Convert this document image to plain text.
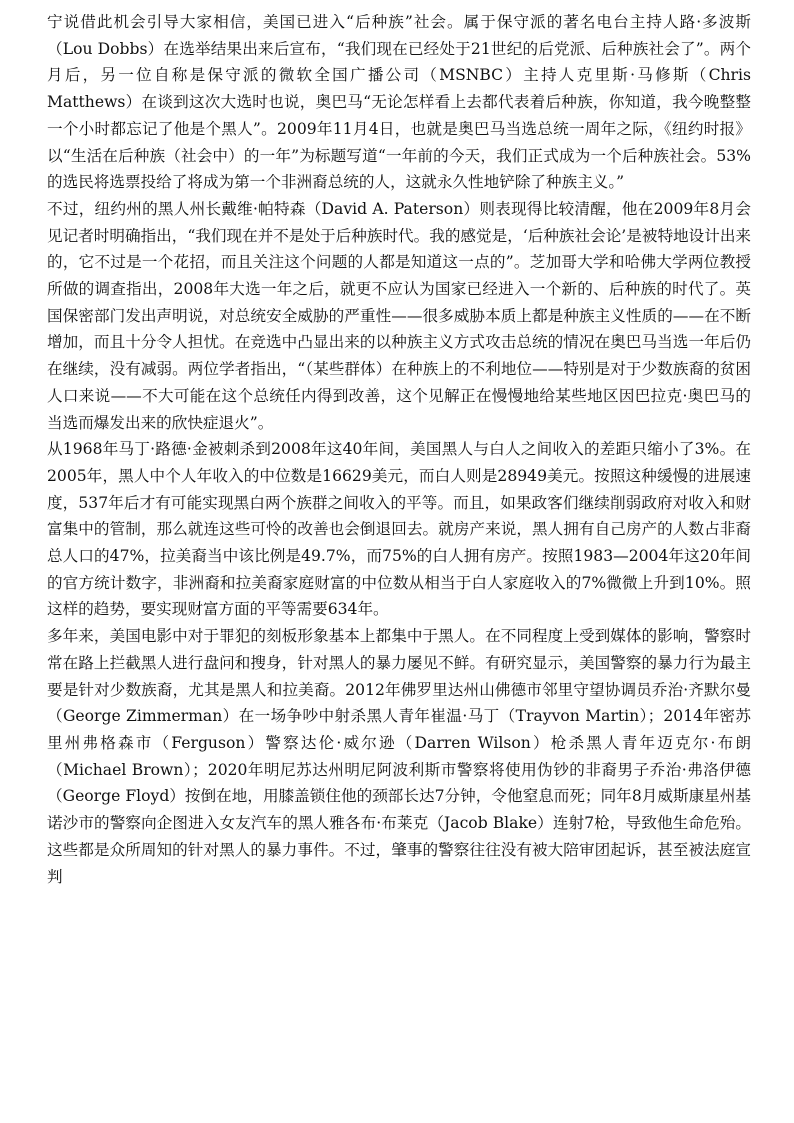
宁说借此机会引导大家相信，美国已进入“后种族”社会。属于保守派的著名电台主持人路·多波斯（Lou Dobbs）在选举结果出来后宣布，“我们现在已经处于21世纪的后党派、后种族社会了”。两个月后，另一位自称是保守派的微软全国广播公司（MSNBC）主持人克里斯·马修斯（Chris Matthews）在谈到这次大选时也说，奥巴马“无论怎样看上去都代表着后种族，你知道，我今晚整整一个小时都忘记了他是个黑人”。2009年11月4日，也就是奥巴马当选总统一周年之际，《纽约时报》以“生活在后种族（社会中）的一年”为标题写道“一年前的今天，我们正式成为一个后种族社会。53%的选民将选票投给了将成为第一个非洲裔总统的人，这就永久性地铲除了种族主义。”

不过，纽约州的黑人州长戴维·帕特森（David A. Paterson）则表现得比较清醒，他在2009年8月会见记者时明确指出，“我们现在并不是处于后种族时代。我的感觉是，‘后种族社会论’是被特地设计出来的，它不过是一个花招，而且关注这个问题的人都是知道这一点的”。芝加哥大学和哈佛大学两位教授所做的调查指出，2008年大选一年之后，就更不应认为国家已经进入一个新的、后种族的时代了。英国保密部门发出声明说，对总统安全威胁的严重性——很多威胁本质上都是种族主义性质的——在不断增加，而且十分令人担忧。在竞选中凸显出来的以种族主义方式攻击总统的情况在奥巴马当选一年后仍在继续，没有减弱。两位学者指出，“（某些群体）在种族上的不利地位——特别是对于少数族裔的贫困人口来说——不大可能在这个总统任内得到改善，这个见解正在慢慢地给某些地区因巴拉克·奥巴马的当选而爆发出来的欣快症退火”。

从1968年马丁·路德·金被刺杀到2008年这40年间，美国黑人与白人之间收入的差距只缩小了3%。在2005年，黑人中个人年收入的中位数是16629美元，而白人则是28949美元。按照这种缓慢的进展速度，537年后才有可能实现黑白两个族群之间收入的平等。而且，如果政客们继续削弱政府对收入和财富集中的管制，那么就连这些可怜的改善也会倒退回去。就房产来说，黑人拥有自己房产的人数占非裔总人口的47%，拉美裔当中该比例是49.7%，而75%的白人拥有房产。按照1983—2004年这20年间的官方统计数字，非洲裔和拉美裔家庭财富的中位数从相当于白人家庭收入的7%微微上升到10%。照这样的趋势，要实现财富方面的平等需要634年。

多年来，美国电影中对于罪犯的刻板形象基本上都集中于黑人。在不同程度上受到媒体的影响，警察时常在路上拦截黑人进行盘问和搜身，针对黑人的暴力屡见不鲜。有研究显示，美国警察的暴力行为最主要是针对少数族裔，尤其是黑人和拉美裔。2012年佛罗里达州山佛德市邻里守望协调员乔治·齐默尔曼（George Zimmerman）在一场争吵中射杀黑人青年崔温·马丁（Trayvon Martin）；2014年密苏里州弗格森市（Ferguson）警察达伦·威尔逊（Darren Wilson）枪杀黑人青年迈克尔·布朗（Michael Brown）；2020年明尼苏达州明尼阿波利斯市警察将使用伪钞的非裔男子乔治·弗洛伊德（George Floyd）按倒在地，用膝盖锁住他的颈部长达7分钟，令他窒息而死；同年8月威斯康星州基诺沙市的警察向企图进入女友汽车的黑人雅各布·布莱克（Jacob Blake）连射7枪，导致他生命危殆。这些都是众所周知的针对黑人的暴力事件。不过，肇事的警察往往没有被大陪审团起诉，甚至被法庭宣判
